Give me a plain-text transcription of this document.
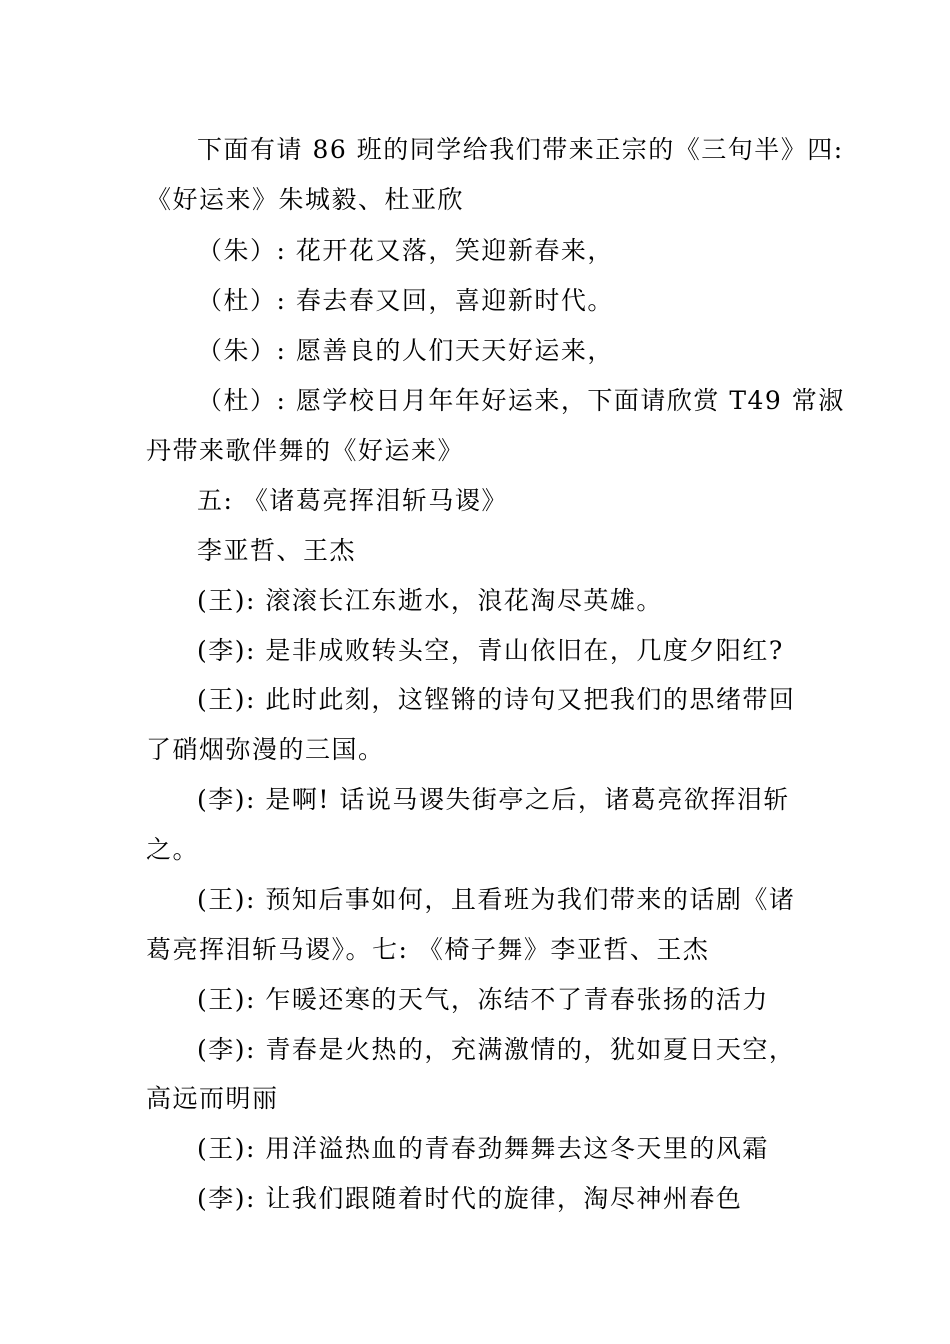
下面有请 86 班的同学给我们带来正宗的《三句半》四:
《好运来》朱城毅、杜亚欣
（朱）: 花开花又落，笑迎新春来，
（杜）: 春去春又回，喜迎新时代。
（朱）: 愿善良的人们天天好运来，
（杜）: 愿学校日月年年好运来，下面请欣赏 T49 常淑
丹带来歌伴舞的《好运来》
五: 《诸葛亮挥泪斩马谡》
李亚哲、王杰
(王): 滚滚长江东逝水，浪花淘尽英雄。
(李): 是非成败转头空，青山依旧在，几度夕阳红?
(王): 此时此刻，这铿锵的诗句又把我们的思绪带回
了硝烟弥漫的三国。
(李): 是啊! 话说马谡失街亭之后，诸葛亮欲挥泪斩
之。
(王): 预知后事如何，且看班为我们带来的话剧《诸
葛亮挥泪斩马谡》。七: 《椅子舞》李亚哲、王杰
(王): 乍暖还寒的天气，冻结不了青春张扬的活力
(李): 青春是火热的，充满激情的，犹如夏日天空，
高远而明丽
(王): 用洋溢热血的青春劲舞舞去这冬天里的风霜
(李): 让我们跟随着时代的旋律，淘尽神州春色
